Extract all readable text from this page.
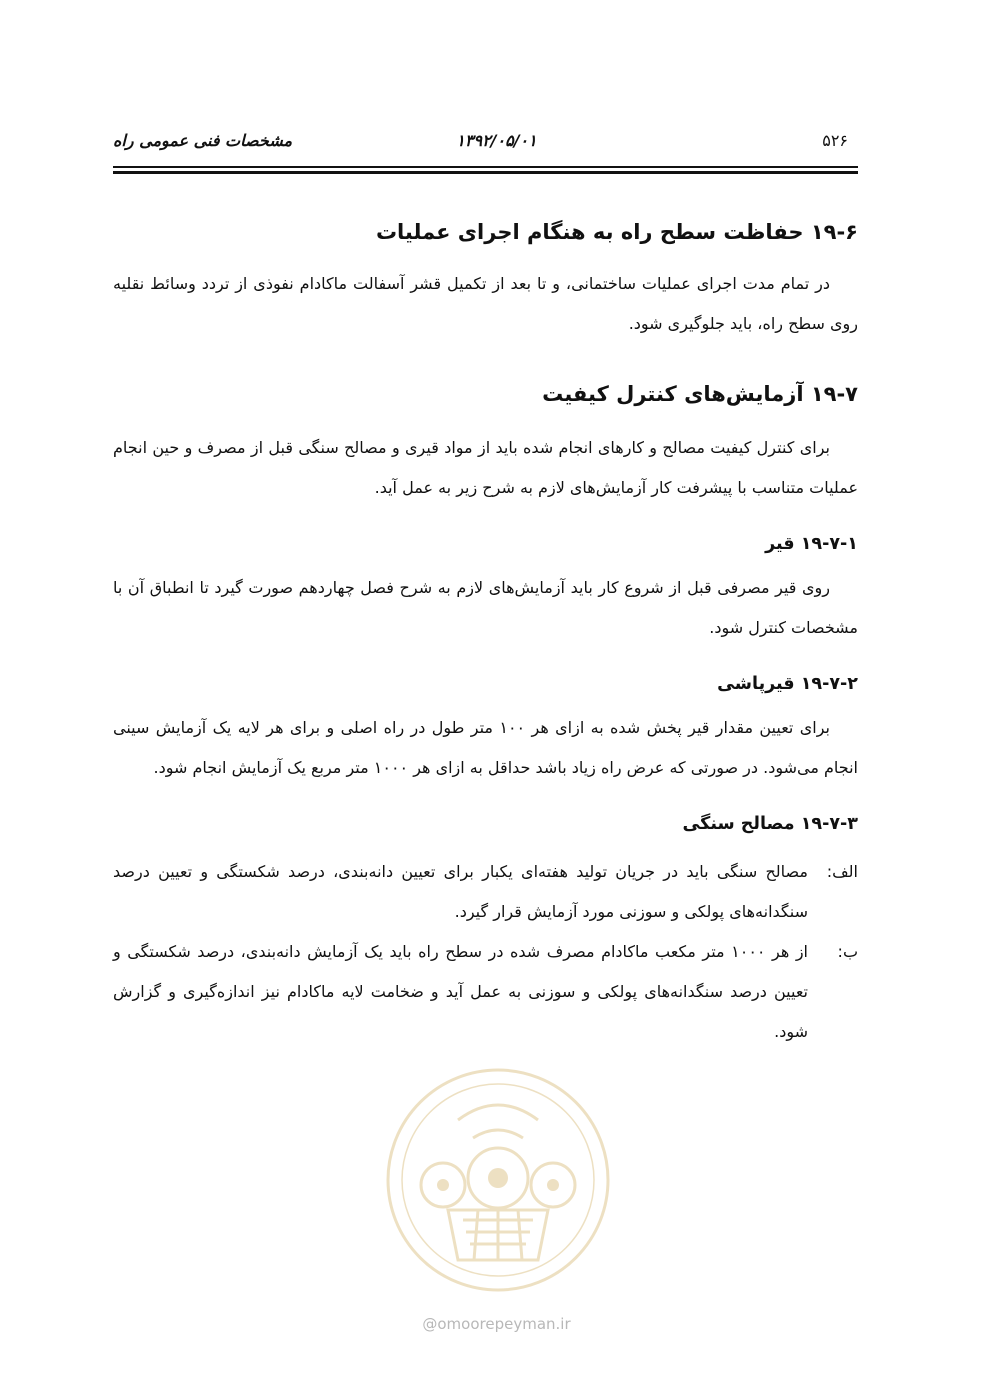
۵۲۶
۱۳۹۲/۰۵/۰۱
مشخصات فنی عمومی راه
۱۹-۶ حفاظت سطح راه به هنگام اجرای عملیات

در تمام مدت اجرای عملیات ساختمانی، و تا بعد از تکمیل قشر آسفالت ماکادام نفوذی از تردد وسائط نقلیه روی سطح راه، باید جلوگیری شود.

۱۹-۷ آزمایش‌های کنترل کیفیت

برای کنترل کیفیت مصالح و کارهای انجام شده باید از مواد قیری و مصالح سنگی قبل از مصرف و حین انجام عملیات متناسب با پیشرفت کار آزمایش‌های لازم به شرح زیر به عمل آید.

۱۹-۷-۱ قیر

روی قیر مصرفی قبل از شروع کار باید آزمایش‌های لازم به شرح فصل چهاردهم صورت گیرد تا انطباق آن با مشخصات کنترل شود.

۱۹-۷-۲ قیرپاشی

برای تعیین مقدار قیر پخش شده به ازای هر ۱۰۰ متر طول در راه اصلی و برای هر لایه یک آزمایش سینی انجام می‌شود. در صورتی که عرض راه زیاد باشد حداقل به ازای هر ۱۰۰۰ متر مربع یک آزمایش انجام شود.

۱۹-۷-۳ مصالح سنگی
الف:
مصالح سنگی باید در جریان تولید هفته‌ای یکبار برای تعیین دانه‌بندی، درصد شکستگی و تعیین درصد سنگدانه‌های پولکی و سوزنی مورد آزمایش قرار گیرد.
ب:
از هر ۱۰۰۰ متر مکعب ماکادام مصرف شده در سطح راه باید یک آزمایش دانه‌بندی، درصد شکستگی و تعیین درصد سنگدانه‌های پولکی و سوزنی به عمل آید و ضخامت لایه ماکادام نیز اندازه‌گیری و گزارش شود.
@omoorepeyman.ir
